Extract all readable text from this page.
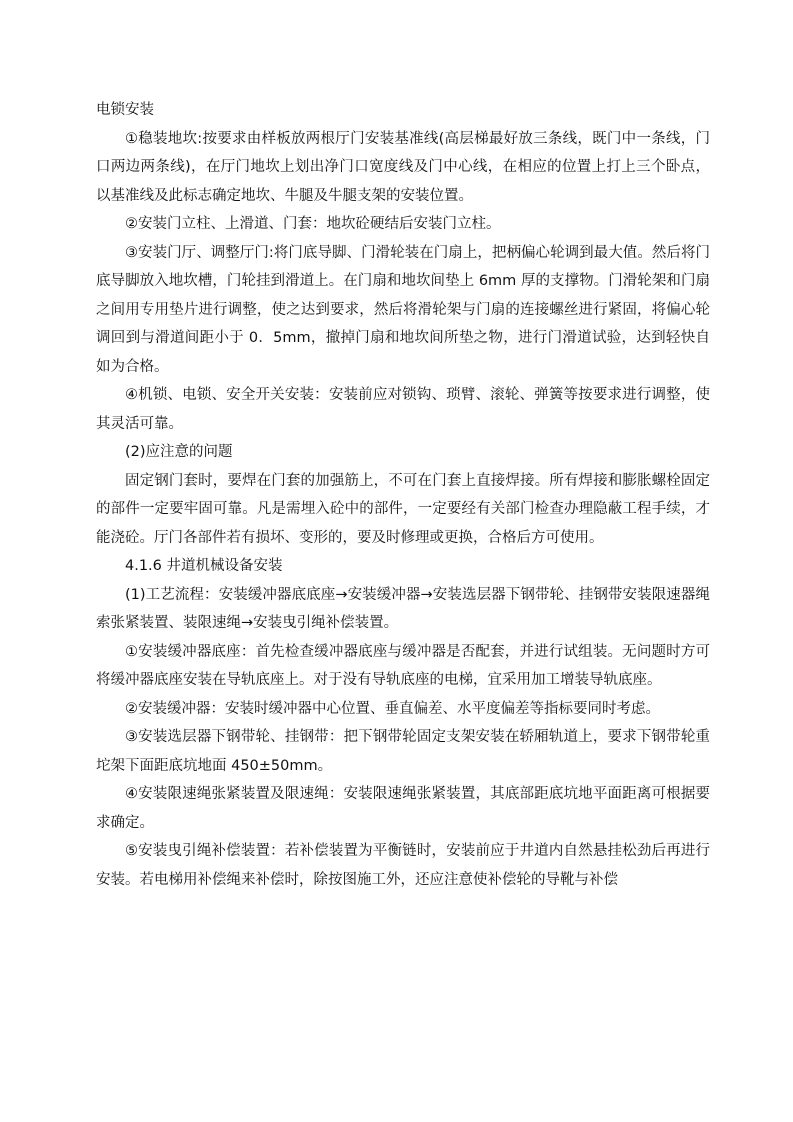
电锁安装

①稳装地坎:按要求由样板放两根厅门安装基准线(高层梯最好放三条线，既门中一条线，门口两边两条线)，在厅门地坎上划出净门口宽度线及门中心线，在相应的位置上打上三个卧点，以基准线及此标志确定地坎、牛腿及牛腿支架的安装位置。

②安装门立柱、上滑道、门套：地坎砼硬结后安装门立柱。

③安装门厅、调整厅门:将门底导脚、门滑轮装在门扇上，把柄偏心轮调到最大值。然后将门底导脚放入地坎槽，门轮挂到滑道上。在门扇和地坎间垫上 6mm 厚的支撑物。门滑轮架和门扇之间用专用垫片进行调整，使之达到要求，然后将滑轮架与门扇的连接螺丝进行紧固，将偏心轮调回到与滑道间距小于 0．5mm，撤掉门扇和地坎间所垫之物，进行门滑道试验，达到轻快自如为合格。

④机锁、电锁、安全开关安装：安装前应对锁钩、琐臂、滚轮、弹簧等按要求进行调整，使其灵活可靠。

(2)应注意的问题

固定钢门套时，要焊在门套的加强筋上，不可在门套上直接焊接。所有焊接和膨胀螺栓固定的部件一定要牢固可靠。凡是需埋入砼中的部件，一定要经有关部门检查办理隐蔽工程手续，才能浇砼。厅门各部件若有损坏、变形的，要及时修理或更换，合格后方可使用。

4.1.6 井道机械设备安装

(1)工艺流程：安装缓冲器底底座→安装缓冲器→安装选层器下钢带轮、挂钢带安装限速器绳索张紧装置、装限速绳→安装曳引绳补偿装置。

①安装缓冲器底座：首先检查缓冲器底座与缓冲器是否配套，并进行试组装。无问题时方可将缓冲器底座安装在导轨底座上。对于没有导轨底座的电梯，宜采用加工增装导轨底座。

②安装缓冲器：安装时缓冲器中心位置、垂直偏差、水平度偏差等指标要同时考虑。

③安装选层器下钢带轮、挂钢带：把下钢带轮固定支架安装在轿厢轨道上，要求下钢带轮重坨架下面距底坑地面 450±50mm。

④安装限速绳张紧装置及限速绳：安装限速绳张紧装置，其底部距底坑地平面距离可根据要求确定。

⑤安装曳引绳补偿装置：若补偿装置为平衡链时，安装前应于井道内自然悬挂松劲后再进行安装。若电梯用补偿绳来补偿时，除按图施工外，还应注意使补偿轮的导靴与补偿
